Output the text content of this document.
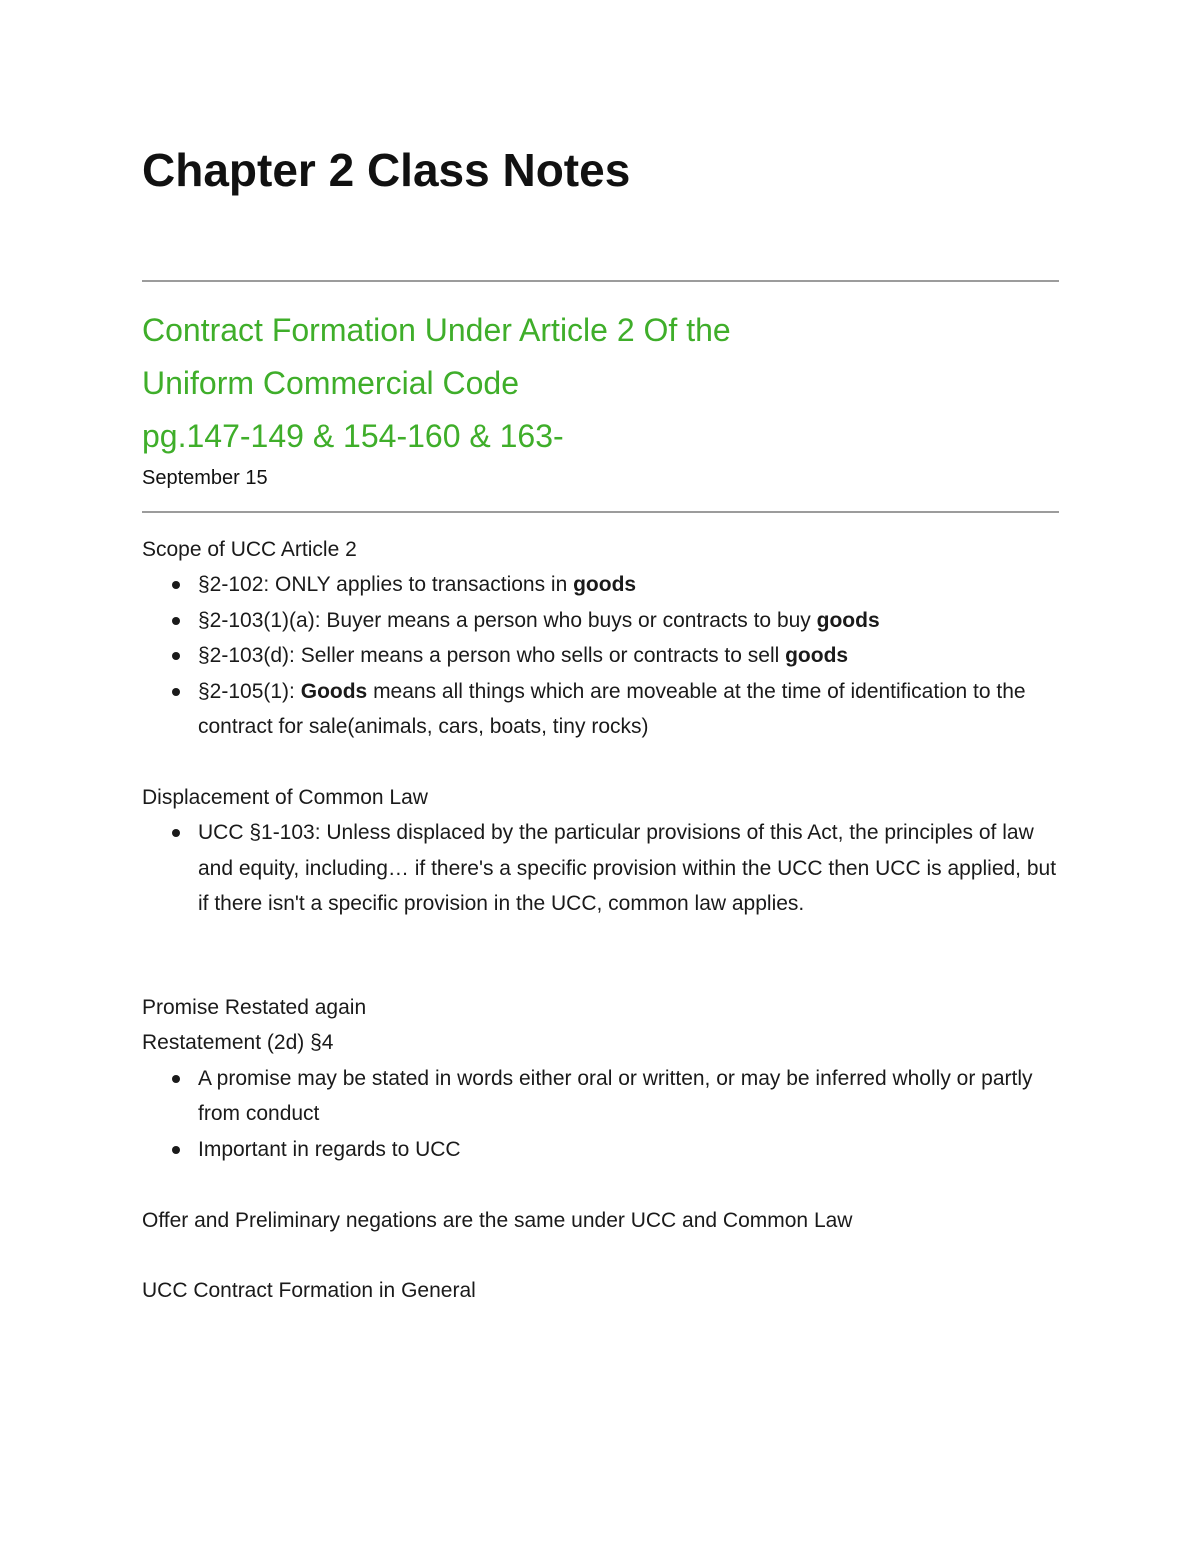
Chapter 2 Class Notes
Contract Formation Under Article 2 Of the
Uniform Commercial Code
pg.147-149 & 154-160 & 163-
September 15

Scope of UCC Article 2

§2-102: ONLY applies to transactions in goods
§2-103(1)(a): Buyer means a person who buys or contracts to buy goods
§2-103(d): Seller means a person who sells or contracts to sell goods
§2-105(1): Goods means all things which are moveable at the time of identification to the contract for sale(animals, cars, boats, tiny rocks)

Displacement of Common Law

UCC §1-103: Unless displaced by the particular provisions of this Act, the principles of law and equity, including… if there's a specific provision within the UCC then UCC is applied, but if there isn't a specific provision in the UCC, common law applies.

Promise Restated again

Restatement (2d) §4

A promise may be stated in words either oral or written, or may be inferred wholly or partly from conduct
Important in regards to UCC

Offer and Preliminary negations are the same under UCC and Common Law

UCC Contract Formation in General
